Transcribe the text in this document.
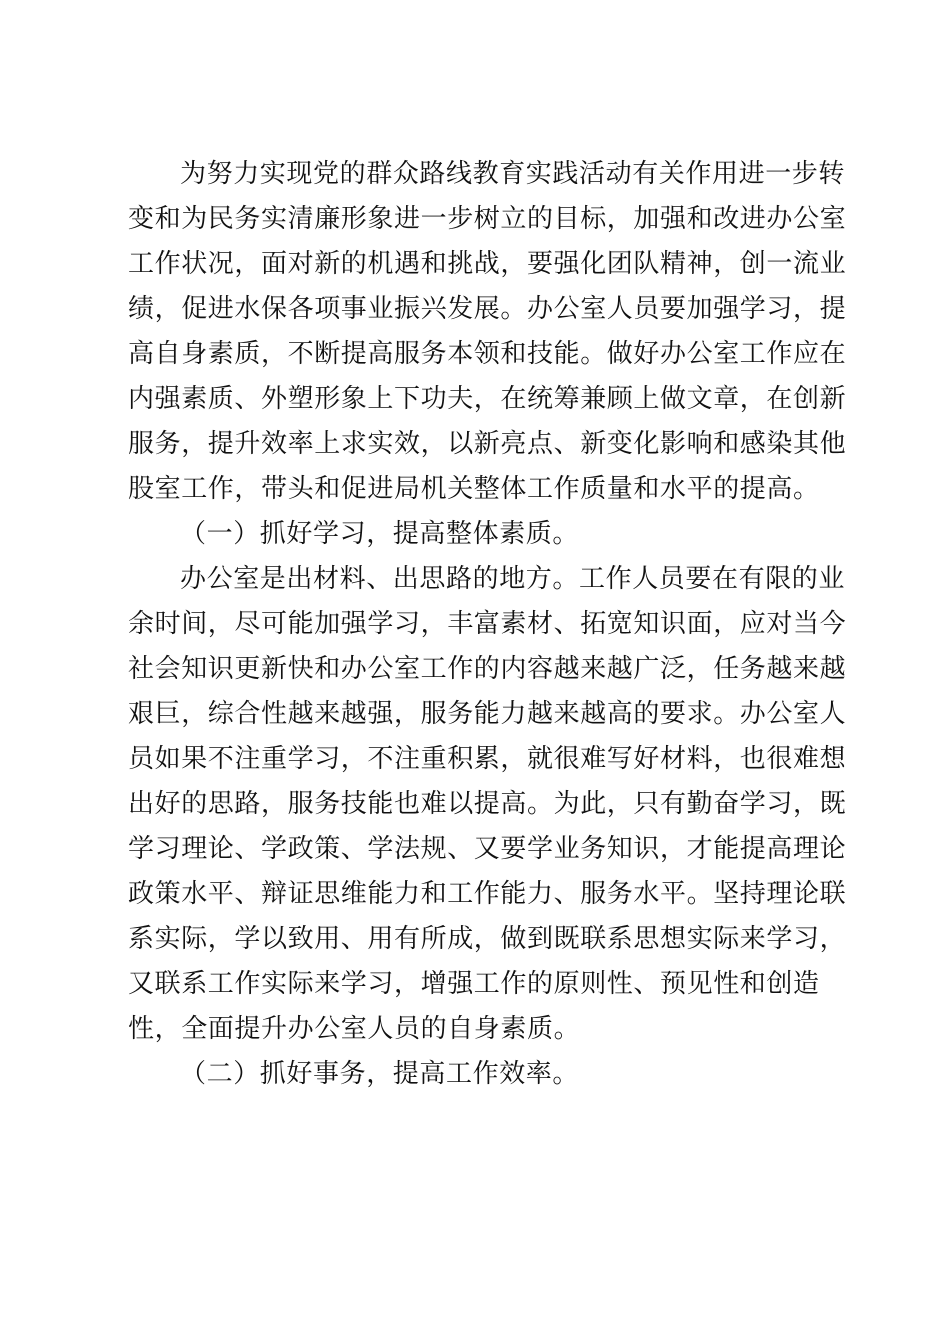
为努力实现党的群众路线教育实践活动有关作用进一步转
变和为民务实清廉形象进一步树立的目标，加强和改进办公室
工作状况，面对新的机遇和挑战，要强化团队精神，创一流业
绩，促进水保各项事业振兴发展。办公室人员要加强学习，提
高自身素质，不断提高服务本领和技能。做好办公室工作应在
内强素质、外塑形象上下功夫，在统筹兼顾上做文章，在创新
服务，提升效率上求实效，以新亮点、新变化影响和感染其他
股室工作，带头和促进局机关整体工作质量和水平的提高。
（一）抓好学习，提高整体素质。
办公室是出材料、出思路的地方。工作人员要在有限的业
余时间，尽可能加强学习，丰富素材、拓宽知识面，应对当今
社会知识更新快和办公室工作的内容越来越广泛，任务越来越
艰巨，综合性越来越强，服务能力越来越高的要求。办公室人
员如果不注重学习，不注重积累，就很难写好材料，也很难想
出好的思路，服务技能也难以提高。为此，只有勤奋学习，既
学习理论、学政策、学法规、又要学业务知识，才能提高理论
政策水平、辩证思维能力和工作能力、服务水平。坚持理论联
系实际，学以致用、用有所成，做到既联系思想实际来学习，
又联系工作实际来学习，增强工作的原则性、预见性和创造
性，全面提升办公室人员的自身素质。
（二）抓好事务，提高工作效率。
